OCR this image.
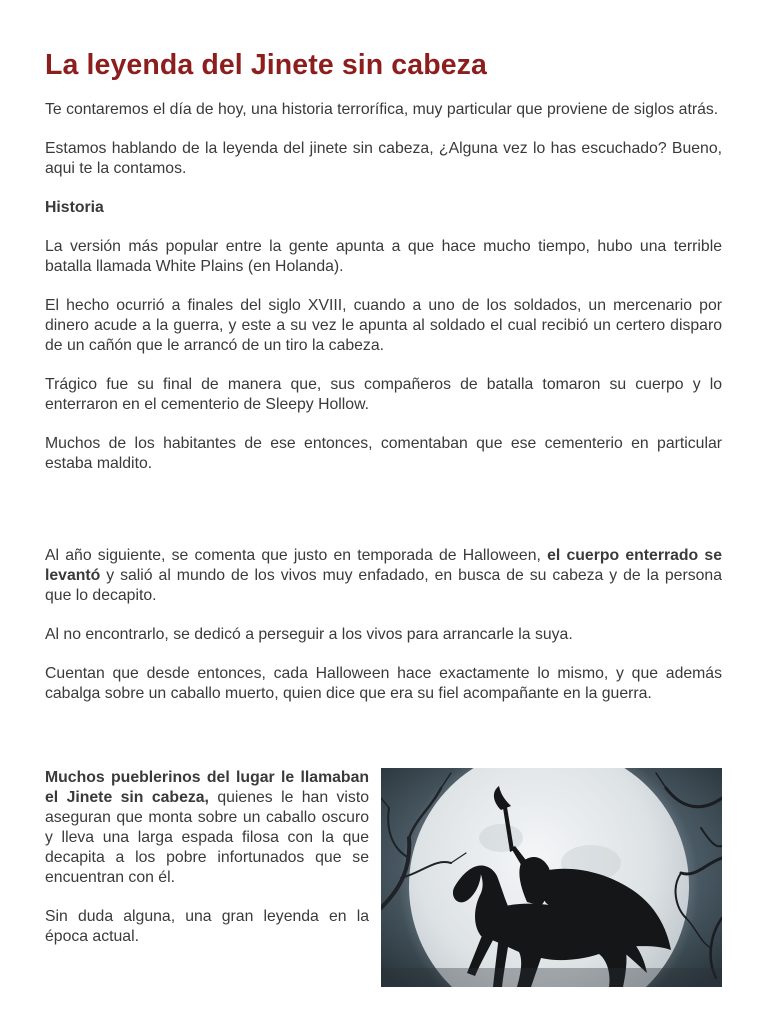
La leyenda del Jinete sin cabeza

Te contaremos el día de hoy, una historia terrorífica, muy particular que proviene de siglos atrás.

Estamos hablando de la leyenda del jinete sin cabeza, ¿Alguna vez lo has escuchado? Bueno, aqui te la contamos.

Historia

La versión más popular entre la gente apunta a que hace mucho tiempo, hubo una terrible batalla llamada White Plains (en Holanda).

El hecho ocurrió a finales del siglo XVIII, cuando a uno de los soldados, un mercenario por dinero acude a la guerra, y este a su vez le apunta al soldado el cual recibió un certero disparo de un cañón que le arrancó de un tiro la cabeza.

Trágico fue su final de manera que, sus compañeros de batalla tomaron su cuerpo y lo enterraron en el cementerio de Sleepy Hollow.

Muchos de los habitantes de ese entonces, comentaban que ese cementerio en particular estaba maldito.

Al año siguiente, se comenta que justo en temporada de Halloween, el cuerpo enterrado se levantó y salió al mundo de los vivos muy enfadado, en busca de su cabeza y de la persona que lo decapito.

Al no encontrarlo, se dedicó a perseguir a los vivos para arrancarle la suya.

Cuentan que desde entonces, cada Halloween hace exactamente lo mismo, y que además cabalga sobre un caballo muerto, quien dice que era su fiel acompañante en la guerra.

Muchos pueblerinos del lugar le llamaban el Jinete sin cabeza, quienes le han visto aseguran que monta sobre un caballo oscuro y lleva una larga espada filosa con la que decapita a los pobre infortunados que se encuentran con él.

Sin duda alguna, una gran leyenda en la época actual.
